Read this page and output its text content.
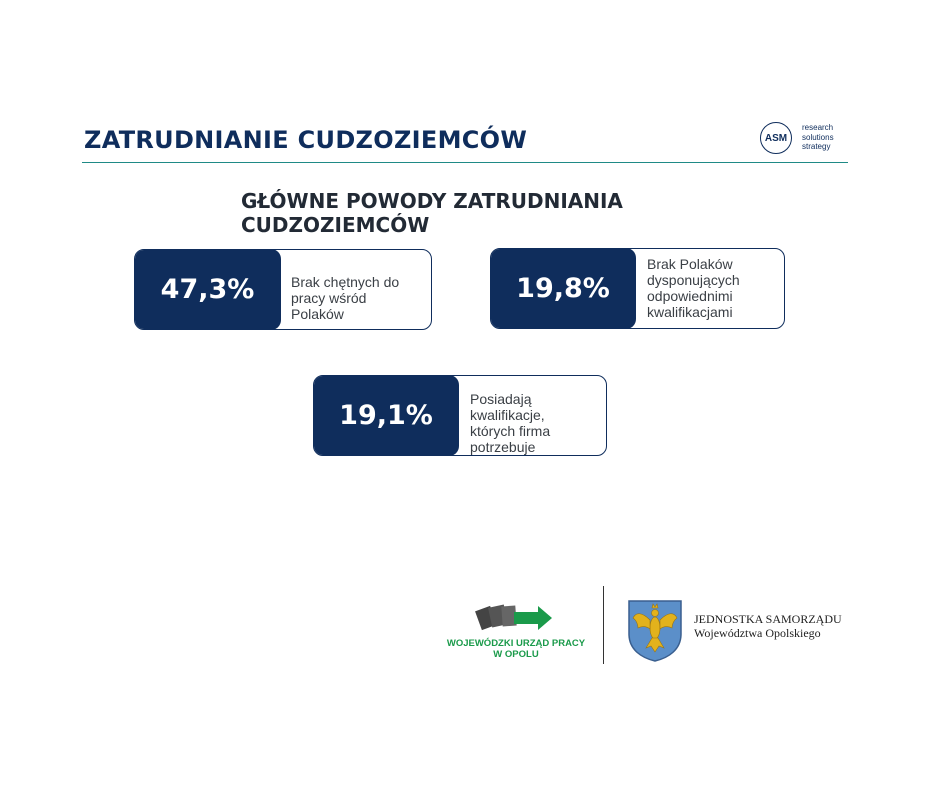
ZATRUDNIANIE CUDZOZIEMCÓW	ASM
research
solutions
strategy
GŁÓWNE POWODY ZATRUDNIANIA
CUDZOZIEMCÓW
47,3%	Brak chętnych do pracy wśród Polaków
19,8%
Brak Polaków dysponujących odpowiednimi kwalifikacjami
19,1%
Posiadają kwalifikacje, których firma potrzebuje
WOJEWÓDZKI URZĄD PRACY
W OPOLU
JEDNOSTKA SAMORZĄDU
Województwa Opolskiego
